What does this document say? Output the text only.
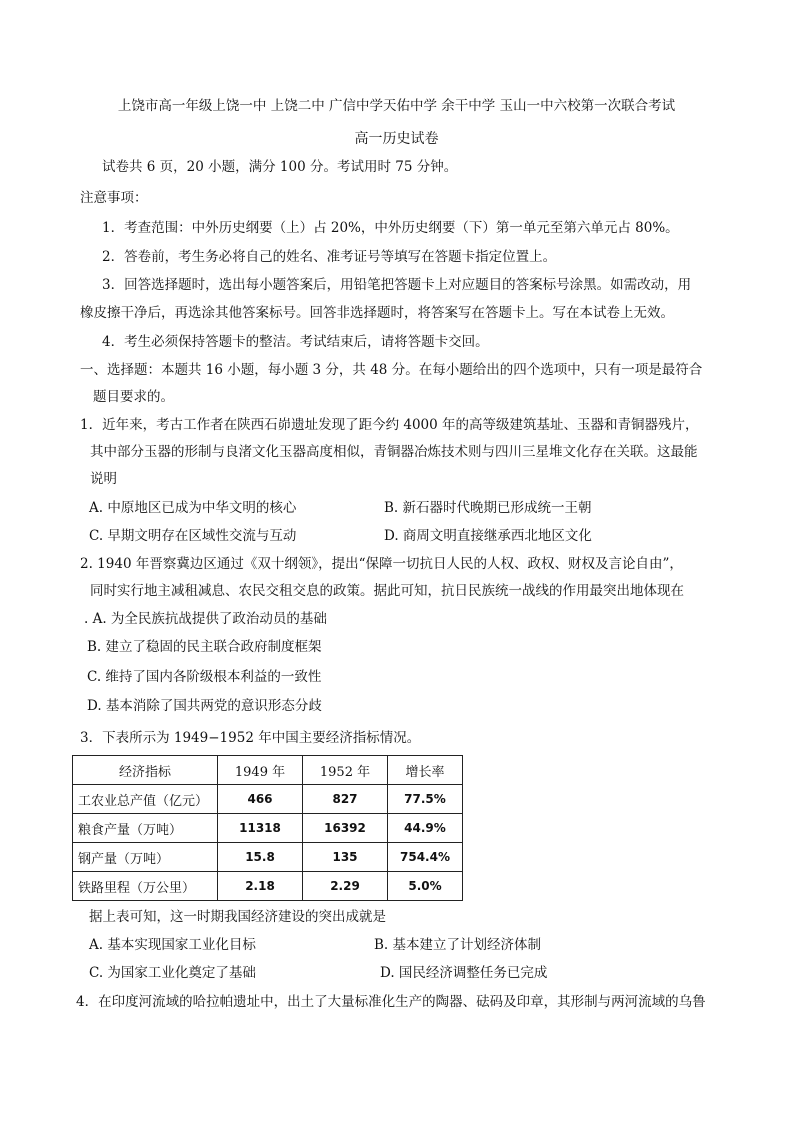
上饶市高一年级上饶一中 上饶二中 广信中学天佑中学 余干中学 玉山一中六校第一次联合考试
高一历史试卷
试卷共 6 页，20 小题，满分 100 分。考试用时 75 分钟。
注意事项：
1．考查范围：中外历史纲要（上）占 20%，中外历史纲要（下）第一单元至第六单元占 80%。
2．答卷前，考生务必将自己的姓名、准考证号等填写在答题卡指定位置上。
3．回答选择题时，选出每小题答案后，用铅笔把答题卡上对应题目的答案标号涂黑。如需改动，用
橡皮擦干净后，再选涂其他答案标号。回答非选择题时，将答案写在答题卡上。写在本试卷上无效。
4．考生必须保持答题卡的整洁。考试结束后，请将答题卡交回。
一、选择题：本题共 16 小题，每小题 3 分，共 48 分。在每小题给出的四个选项中，只有一项是最符合
题目要求的。
1．近年来，考古工作者在陕西石峁遗址发现了距今约 4000 年的高等级建筑基址、玉器和青铜器残片，
其中部分玉器的形制与良渚文化玉器高度相似，青铜器冶炼技术则与四川三星堆文化存在关联。这最能
说明
A. 中原地区已成为中华文明的核心	B. 新石器时代晚期已形成统一王朝
C. 早期文明存在区域性交流与互动	D. 商周文明直接继承西北地区文化
2. 1940 年晋察冀边区通过《双十纲领》，提出“保障一切抗日人民的人权、政权、财权及言论自由”，
同时实行地主减租减息、农民交租交息的政策。据此可知，抗日民族统一战线的作用最突出地体现在
. A. 为全民族抗战提供了政治动员的基础
B. 建立了稳固的民主联合政府制度框架
C. 维持了国内各阶级根本利益的一致性
D. 基本消除了国共两党的意识形态分歧
3．下表所示为 1949−1952 年中国主要经济指标情况。
经济指标	1949 年	1952 年	增长率
工农业总产值（亿元）	466	827	77.5%
粮食产量（万吨）	11318	16392	44.9%
钢产量（万吨）	15.8	135	754.4%
铁路里程（万公里）	2.18	2.29	5.0%
据上表可知，这一时期我国经济建设的突出成就是
A. 基本实现国家工业化目标	B. 基本建立了计划经济体制
C. 为国家工业化奠定了基础	D. 国民经济调整任务已完成
4．在印度河流域的哈拉帕遗址中，出土了大量标准化生产的陶器、砝码及印章，其形制与两河流域的乌鲁
